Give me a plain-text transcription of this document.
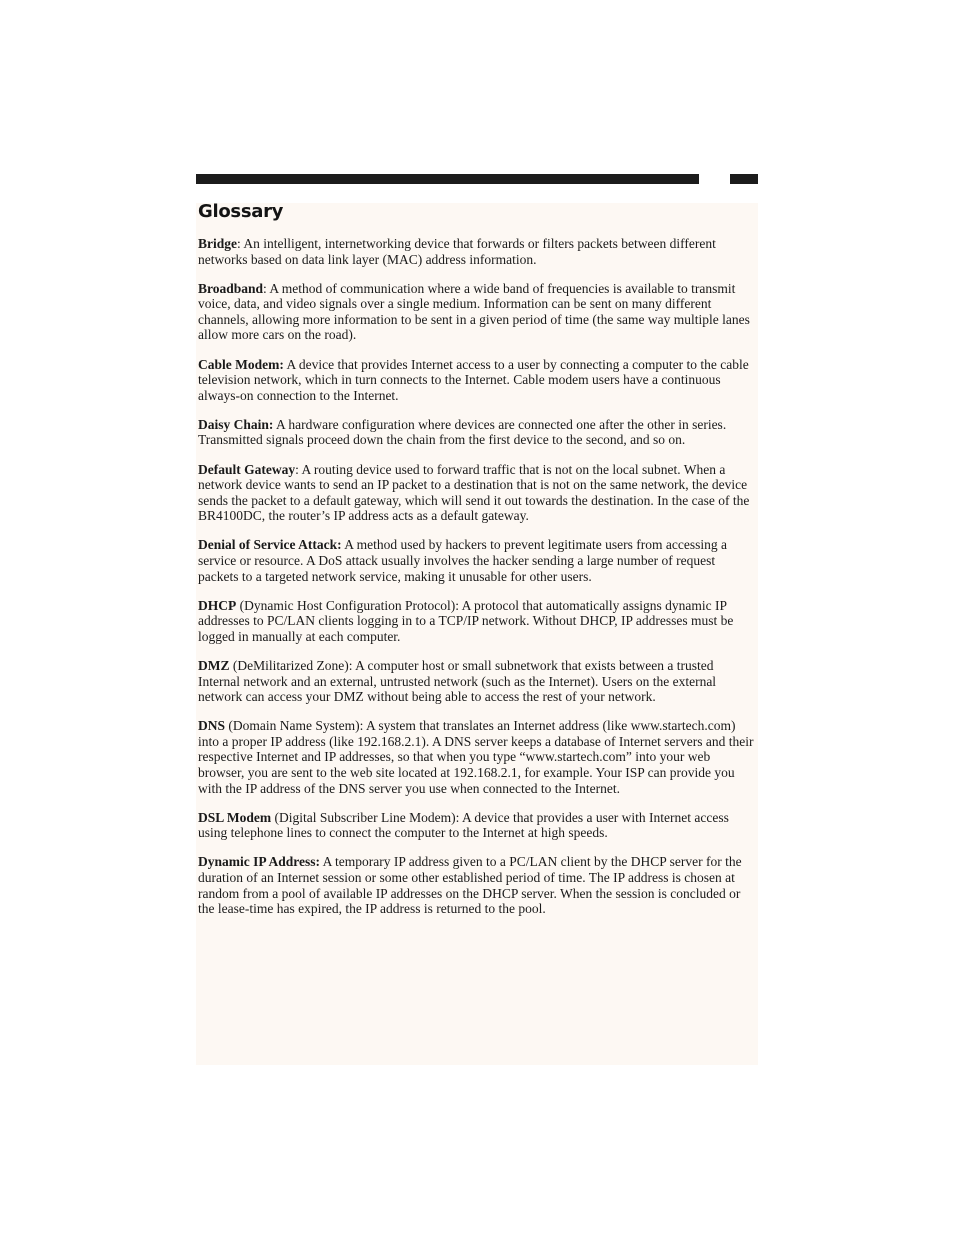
Glossary

Bridge: An intelligent, internetworking device that forwards or filters packets between different networks based on data link layer (MAC) address information.

Broadband: A method of communication where a wide band of frequencies is available to transmit voice, data, and video signals over a single medium. Information can be sent on many different channels, allowing more information to be sent in a given period of time (the same way multiple lanes allow more cars on the road).

Cable Modem: A device that provides Internet access to a user by connecting a computer to the cable television network, which in turn connects to the Internet. Cable modem users have a continuous always-on connection to the Internet.

Daisy Chain: A hardware configuration where devices are connected one after the other in series. Transmitted signals proceed down the chain from the first device to the second, and so on.

Default Gateway: A routing device used to forward traffic that is not on the local subnet. When a network device wants to send an IP packet to a destination that is not on the same network, the device sends the packet to a default gateway, which will send it out towards the destination. In the case of the BR4100DC, the router’s IP address acts as a default gateway.

Denial of Service Attack: A method used by hackers to prevent legitimate users from accessing a service or resource. A DoS attack usually involves the hacker sending a large number of request packets to a targeted network service, making it unusable for other users.

DHCP (Dynamic Host Configuration Protocol): A protocol that automatically assigns dynamic IP addresses to PC/LAN clients logging in to a TCP/IP network. Without DHCP, IP addresses must be logged in manually at each computer.

DMZ (DeMilitarized Zone): A computer host or small subnetwork that exists between a trusted Internal network and an external, untrusted network (such as the Internet). Users on the external network can access your DMZ without being able to access the rest of your network.

DNS (Domain Name System): A system that translates an Internet address (like www.startech.com) into a proper IP address (like 192.168.2.1). A DNS server keeps a database of Internet servers and their respective Internet and IP addresses, so that when you type “www.startech.com” into your web browser, you are sent to the web site located at 192.168.2.1, for example. Your ISP can provide you with the IP address of the DNS server you use when connected to the Internet.

DSL Modem (Digital Subscriber Line Modem): A device that provides a user with Internet access using telephone lines to connect the computer to the Internet at high speeds.

Dynamic IP Address: A temporary IP address given to a PC/LAN client by the DHCP server for the duration of an Internet session or some other established period of time. The IP address is chosen at random from a pool of available IP addresses on the DHCP server. When the session is concluded or the lease-time has expired, the IP address is returned to the pool.
